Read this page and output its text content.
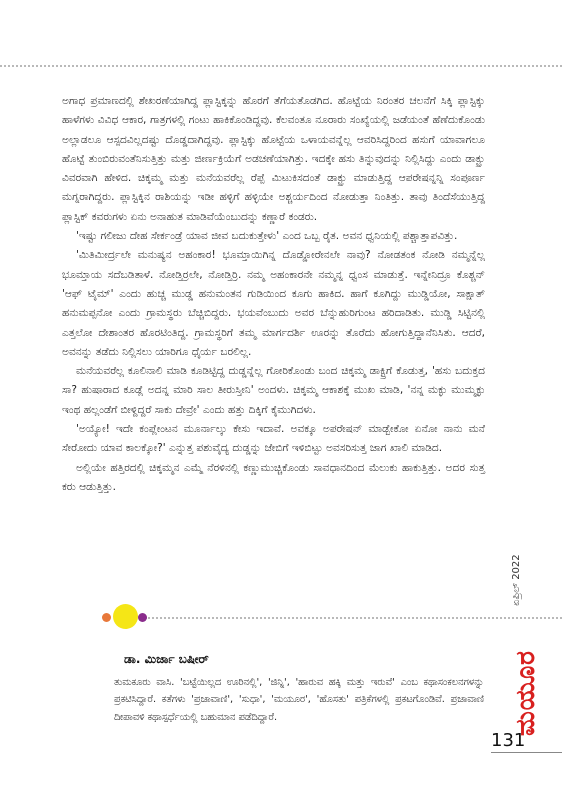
ಅಗಾಧ ಪ್ರಮಾಣದಲ್ಲಿ ಶೇಖರಣೆಯಾಗಿದ್ದ ಪ್ಲಾಸ್ಟಿಕ್ಕನ್ನು ಹೊರಗೆ ತೆಗೆಯತೊಡಗಿದ. ಹೊಟ್ಟೆಯ ನಿರಂತರ ಚಲನೆಗೆ ಸಿಕ್ಕಿ ಪ್ಲಾಸ್ಟಿಕ್ಕು ಹಾಳೆಗಳು ವಿವಿಧ ಆಕಾರ, ಗಾತ್ರಗಳಲ್ಲಿ ಗಂಟು ಹಾಕಿಕೊಂಡಿದ್ದವು. ಕೆಲವಂತೂ ನೂರಾರು ಸಂಖ್ಯೆಯಲ್ಲಿ ಜಡೆಯಂತೆ ಹೆಣೆದುಕೊಂಡು ಅಲ್ಲಾಡಲೂ ಆಸ್ಪದವಿಲ್ಲದಷ್ಟು ದೊಡ್ಡದಾಗಿದ್ದವು. ಪ್ಲಾಸ್ಟಿಕ್ಕು ಹೊಟ್ಟೆಯ ಒಳಾಯವನ್ನೆಲ್ಲ ಆವರಿಸಿದ್ದರಿಂದ ಹಸುಗೆ ಯಾವಾಗಲೂ ಹೊಟ್ಟೆ ತುಂಬಿರುವಂತೆನಿಸುತ್ತಿತ್ತು ಮತ್ತು ಜೀರ್ಣಕ್ರಿಯೆಗೆ ಅಡಚಣೆಯಾಗಿತ್ತು. ಇದಕ್ಕೇ ಹಸು ತಿನ್ನುವುದನ್ನು ನಿಲ್ಲಿಸಿದ್ದು ಎಂದು ಡಾಕ್ಟ್ರು ವಿವರವಾಗಿ ಹೇಳಿದ. ಚಿಕ್ಕಮ್ಮ ಮತ್ತು ಮನೆಯವರೆಲ್ಲ ರೆಪ್ಪೆ ಮಿಟುಕಿಸದಂತೆ ಡಾಕ್ಟ್ರು ಮಾಡುತ್ತಿದ್ದ ಆಪರೇಷನ್ನನ್ನಿ ಸಂಪೂರ್ಣ ಮಗ್ನರಾಗಿದ್ದರು. ಪ್ಲಾಸ್ಟಿಕ್ಕಿನ ರಾಶಿಯನ್ನು ಇಡೀ ಹಳ್ಳಿಗೆ ಹಳ್ಳಿಯೇ ಅಶ್ಚರ್ಯದಿಂದ ನೋಡುತ್ತಾ ನಿಂತಿತ್ತು. ತಾವು ತಿಂದೆಸೆಯುತ್ತಿದ್ದ ಪ್ಲಾಸ್ಟಿಕ್ ಕವರುಗಳು ಏನು ಅನಾಹುತ ಮಾಡಿವೆಯೆಂಬುದನ್ನು ಕಣ್ಣಾರೆ ಕಂಡರು.

'ಇಷ್ಟು ಗಲೀಜು ದೇಹ ಸೇರ್ಕಂಡ್ರೆ ಯಾವ ಜೀವ ಬದುಕುತ್ತೇಳು' ಎಂದ ಒಬ್ಬ ರೈತ. ಅವನ ಧ್ವನಿಯಲ್ಲಿ ಪಶ್ಚಾತ್ತಾಪವಿತ್ತು.

'ಮಿತಿಮೀರ್ದ್ರಲೇ ಮನುಷ್ಯನ ಅಹಂಕಾರ! ಭೂಮ್ತಾಯಿಗಿನ್ನ ದೊಡ್ಡೋರೇನಲೇ ನಾವು? ನೋಡತಂಕ ನೋಡಿ ನಮ್ಮನ್ನೆಲ್ಲ ಭೂಮ್ತಾಯ ಸದೆಬಡಿತಾಳೆ. ನೋಡ್ತಿರ್ರಲೇ, ನೋಡ್ತಿರ್ರಿ. ನಮ್ಮ ಅಹಂಕಾರನೇ ನಮ್ಮನ್ನ ಧ್ವಂಸ ಮಾಡುತ್ತೆ. ಇನ್ನೇನಿದ್ರೂ ಕೊಶ್ಚನ್ 'ಆಫ್ ಟೈಮ್' ಎಂದು ಹುಚ್ಚ ಮುಡ್ಡ ಹನುಮಂತನ ಗುಡಿಯಿಂದ ಕೂಗು ಹಾಕಿದ. ಹಾಗೆ ಕೂಗಿದ್ದು ಮುಡ್ಡಿಯೋ, ಸಾಕ್ಷಾತ್ ಹನುಮಪ್ಪನೋ ಎಂದು ಗ್ರಾಮಸ್ಥರು ಬೆಚ್ಚಿಬಿದ್ದರು. ಭಯವೆಂಬುದು ಅವರ ಬೆನ್ನುಹುರಿಗುಂಟ ಹರಿದಾಡಿತು. ಮುಡ್ಡಿ ಸಿಟ್ಟಿನಲ್ಲಿ ಎತ್ತಲೋ ದೇಶಾಂತರ ಹೊರಟಿಂತಿದ್ದ. ಗ್ರಾಮಸ್ಥರಿಗೆ ತಮ್ಮ ಮಾರ್ಗದರ್ಶಿ ಊರನ್ನು ತೊರೆದು ಹೋಗುತ್ತಿದ್ದಾನೆನಿಸಿತು. ಆದರೆ, ಅವನನ್ನು ತಡೆದು ನಿಲ್ಲಿಸಲು ಯಾರಿಗೂ ಧೈರ್ಯ ಬರಲಿಲ್ಲ.

ಮನೆಯವರೆಲ್ಲ ಕೂಲಿನಾಲಿ ಮಾಡಿ ಕೂಡಿಟ್ಟಿದ್ದ ದುಡ್ಡನ್ನೆಲ್ಲ ಗೋರಿಕೊಂಡು ಬಂದ ಚಿಕ್ಕಮ್ಮ ಡಾಕ್ಟ್ರಿಗೆ ಕೊಡುತ್ತ, 'ಹಸು ಬದುಕ್ತದ ಸಾ? ಹುಷಾರಾದ ಕೂಡ್ಲೆ ಅದನ್ನ ಮಾರಿ ಸಾಲ ತೀರುಸ್ತೀನಿ' ಅಂದಳು. ಚಿಕ್ಕಮ್ಮ ಆಕಾಶಕ್ಕೆ ಮುಖ ಮಾಡಿ, 'ನನ್ನ ಮಕ್ಳು ಮುಮ್ಮಕ್ಳು ಇಂಥ ಹಲ್ಲಂಡೆಗೆ ಬೀಳ್ದಿದ್ದರೆ ಸಾಕು ದೇವ್ರೇ' ಎಂದು ಹತ್ತು ದಿಕ್ಕಿಗೆ ಕೈಮುಗಿದಳು.

'ಅಯ್ಯೋ! ಇದೇ ಕಂಪ್ಲೇಂಟನ ಮೂರ್ನಾಲ್ಕು ಕೇಸು ಇದಾವೆ. ಅವಕ್ಕೂ ಅಪರೇಷನ್ ಮಾಡ್ಬೇಕೋ ಏನೋ ನಾನು ಮನೆ ಸೇರೋದು ಯಾವ ಕಾಲಕ್ಕೋ?' ಎನ್ನುತ್ತ ಪಶುವೈದ್ಯ ದುಡ್ಡನ್ನು ಜೇಬಿಗೆ ಇಳಿಬಿಟ್ಟು ಅವಸರಿಸುತ್ತ ಜಾಗ ಖಾಲಿ ಮಾಡಿದ.

ಅಲ್ಲಿಯೇ ಹತ್ತಿರದಲ್ಲಿ ಚಿಕ್ಕಮ್ಮನ ಎಮ್ಮೆ ನೆರಳಿನಲ್ಲಿ ಕಣ್ಣುಮುಚ್ಚಿಕೊಂಡು ಸಾವಧಾನದಿಂದ ಮೆಲುಕು ಹಾಕುತ್ತಿತ್ತು. ಅದರ ಸುತ್ತ ಕರು ಆಡುತ್ತಿತ್ತು.

ಡಾ. ಮಿರ್ಜಾ ಬಷೀರ್

ತುಮಕೂರು ವಾಸಿ. 'ಬಟ್ಟೆಯಿಲ್ಲದ ಊರಿನಲ್ಲಿ', 'ಜಿನ್ನಿ', 'ಹಾರುವ ಹಕ್ಕಿ ಮತ್ತು ಇರುವೆ' ಎಂಬ ಕಥಾಸಂಕಲನಗಳನ್ನು ಪ್ರಕಟಿಸಿದ್ದಾರೆ. ಕತೆಗಳು 'ಪ್ರಜಾವಾಣಿ', 'ಸುಧಾ', 'ಮಯೂರ', 'ಹೊಸತು' ಪತ್ರಿಕೆಗಳಲ್ಲಿ ಪ್ರಕಟಗೊಂಡಿವೆ. ಪ್ರಜಾವಾಣಿ ದೀಪಾವಳಿ ಕಥಾಸ್ಪರ್ಧೆಯಲ್ಲಿ ಬಹುಮಾನ ಪಡೆದಿದ್ದಾರೆ.

ಏಪ್ರಿಲ್ 2022
ಮಯೂರ
131
